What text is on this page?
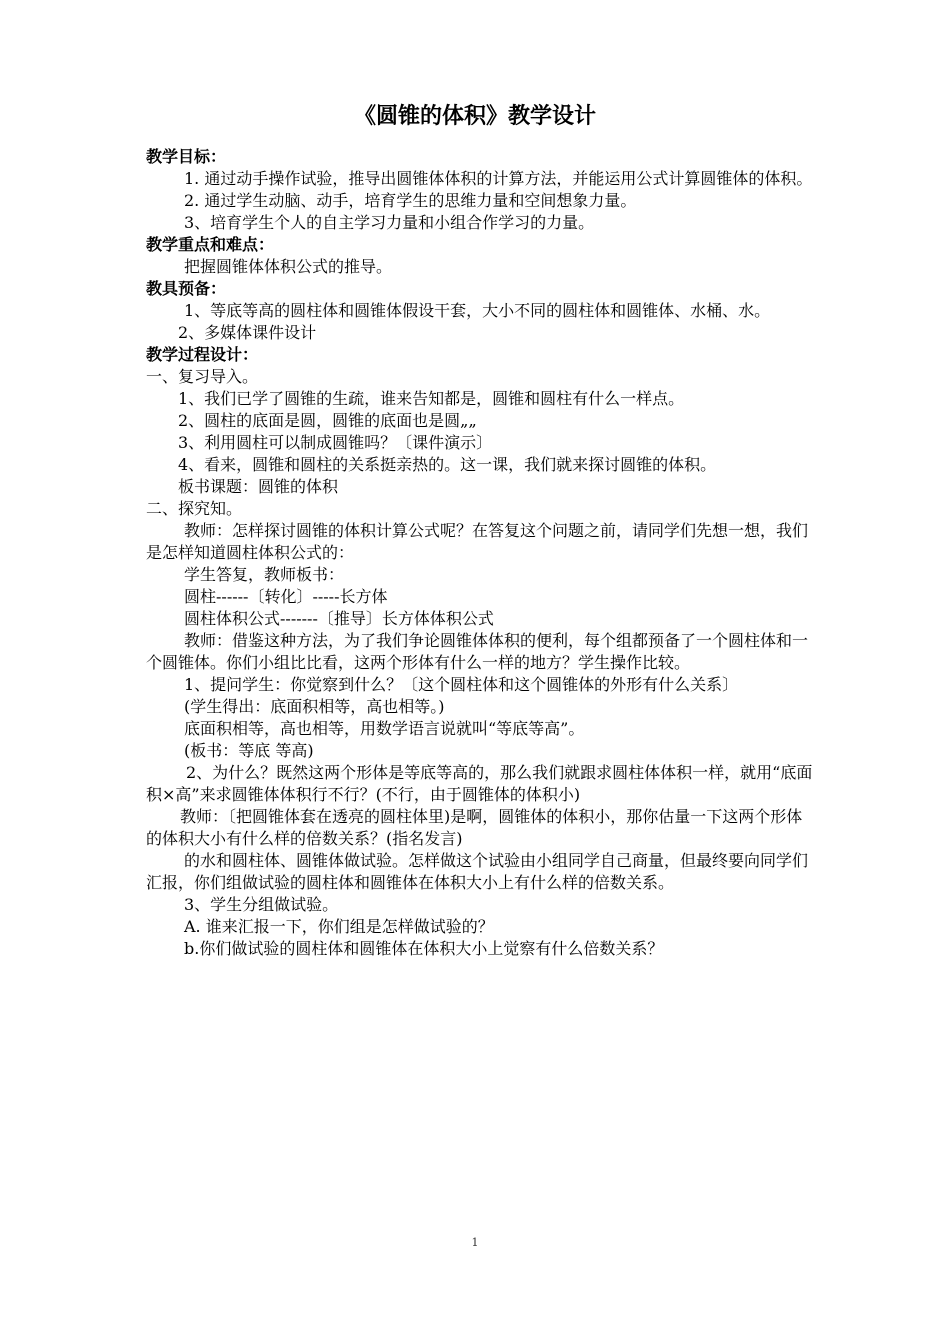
《圆锥的体积》教学设计

教学目标：

1. 通过动手操作试验，推导出圆锥体体积的计算方法，并能运用公式计算圆锥体的体积。

2. 通过学生动脑、动手，培育学生的思维力量和空间想象力量。

3、培育学生个人的自主学习力量和小组合作学习的力量。

教学重点和难点：

把握圆锥体体积公式的推导。

教具预备：

1、等底等高的圆柱体和圆锥体假设干套，大小不同的圆柱体和圆锥体、水桶、水。

2、多媒体课件设计

教学过程设计：

一、复习导入。

1、我们已学了圆锥的生疏，谁来告知都是，圆锥和圆柱有什么一样点。

2、圆柱的底面是圆，圆锥的底面也是圆„„

3、利用圆柱可以制成圆锥吗？〔课件演示〕

4、看来，圆锥和圆柱的关系挺亲热的。这一课，我们就来探讨圆锥的体积。

板书课题：圆锥的体积

二、探究知。

教师：怎样探讨圆锥的体积计算公式呢？在答复这个问题之前，请同学们先想一想，我们是怎样知道圆柱体积公式的：

学生答复，教师板书：

圆柱------〔转化〕-----长方体

圆柱体积公式-------〔推导〕长方体体积公式

教师：借鉴这种方法，为了我们争论圆锥体体积的便利，每个组都预备了一个圆柱体和一个圆锥体。你们小组比比看，这两个形体有什么一样的地方？学生操作比较。

1、提问学生：你觉察到什么？〔这个圆柱体和这个圆锥体的外形有什么关系〕

(学生得出：底面积相等，高也相等。)

底面积相等，高也相等，用数学语言说就叫“等底等高”。

(板书：等底 等高)

2、为什么？既然这两个形体是等底等高的，那么我们就跟求圆柱体体积一样，就用“底面积×高”来求圆锥体体积行不行？(不行，由于圆锥体的体积小)

教师：〔把圆锥体套在透亮的圆柱体里)是啊，圆锥体的体积小，那你估量一下这两个形体的体积大小有什么样的倍数关系？(指名发言)

的水和圆柱体、圆锥体做试验。怎样做这个试验由小组同学自己商量，但最终要向同学们汇报，你们组做试验的圆柱体和圆锥体在体积大小上有什么样的倍数关系。

3、学生分组做试验。

A. 谁来汇报一下，你们组是怎样做试验的？

b.你们做试验的圆柱体和圆锥体在体积大小上觉察有什么倍数关系？

1
